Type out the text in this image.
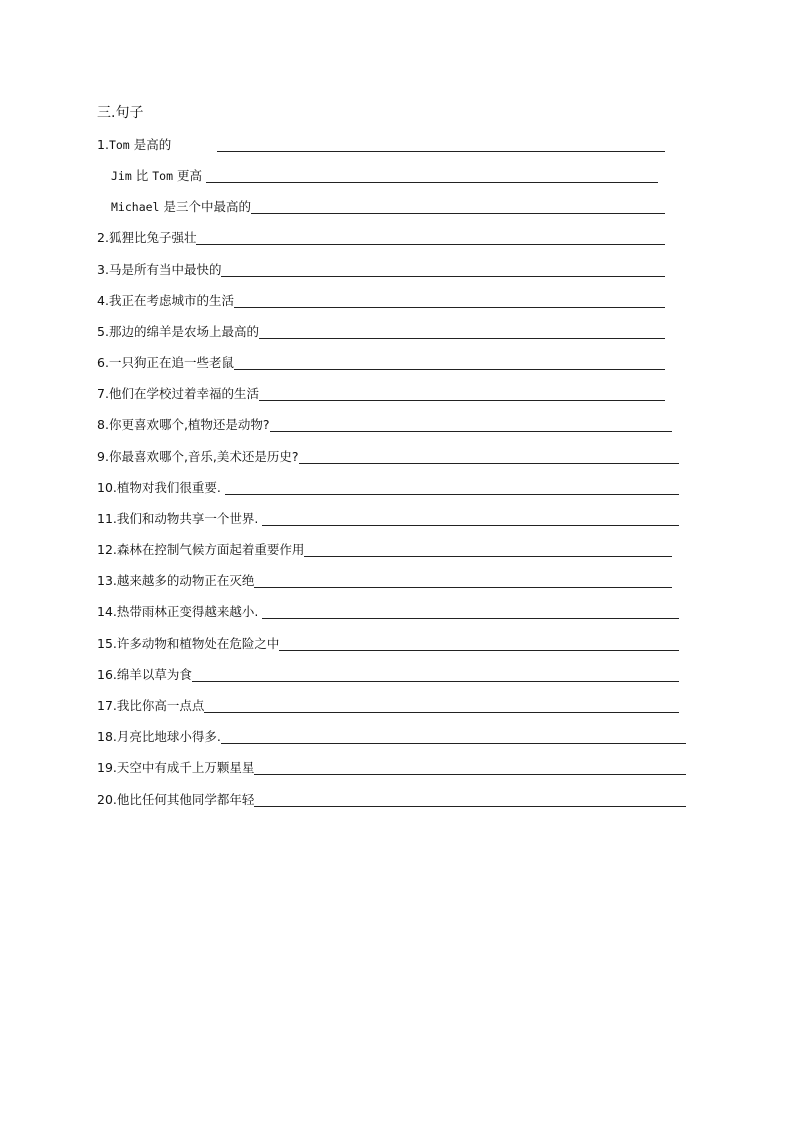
三.句子
1. Tom 是高的
Jim 比 Tom 更高
Michael 是三个中最高的
2. 狐狸比兔子强壮
3. 马是所有当中最快的
4. 我正在考虑城市的生活
5. 那边的绵羊是农场上最高的
6. 一只狗正在追一些老鼠
7. 他们在学校过着幸福的生活
8. 你更喜欢哪个,植物还是动物?
9. 你最喜欢哪个,音乐,美术还是历史?
10. 植物对我们很重要.
11. 我们和动物共享一个世界.
12. 森林在控制气候方面起着重要作用
13. 越来越多的动物正在灭绝
14. 热带雨林正变得越来越小.
15. 许多动物和植物处在危险之中
16. 绵羊以草为食
17. 我比你高一点点
18. 月亮比地球小得多.
19. 天空中有成千上万颗星星
20. 他比任何其他同学都年轻
